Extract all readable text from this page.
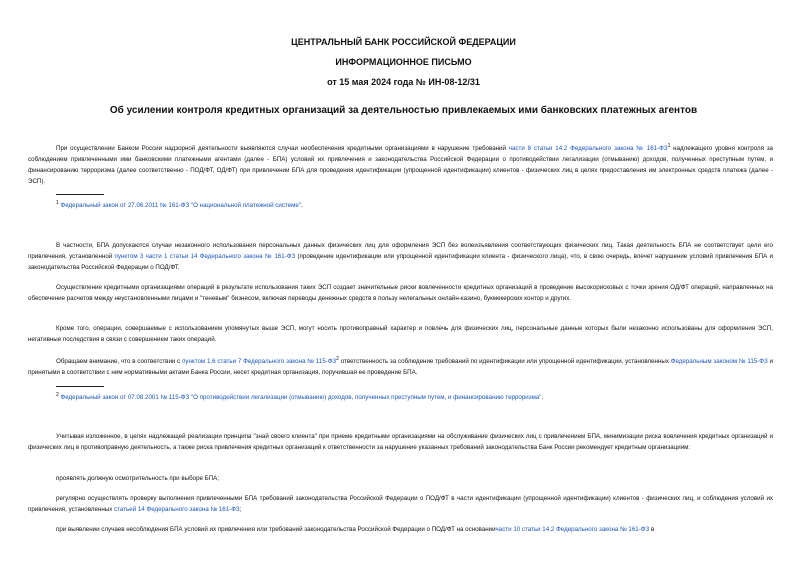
ЦЕНТРАЛЬНЫЙ БАНК РОССИЙСКОЙ ФЕДЕРАЦИИ
ИНФОРМАЦИОННОЕ ПИСЬМО
от 15 мая 2024 года № ИН-08-12/31
Об усилении контроля кредитных организаций за деятельностью привлекаемых ими банковских платежных агентов
При осуществлении Банком России надзорной деятельности выявляются случаи необеспечения кредитными организациями в нарушение требований части 8 статьи 14.2 Федерального закона № $161-ФЗ^1$ надлежащего уровня контроля за соблюдением привлеченными ими банковскими платежными агентами (далее - БПА) условий их привлечения и законодательства Российской Федерации о противодействии легализации (отмыванию) доходов, полученных преступным путем, и финансированию терроризма (далее соответственно - ПОД/ФТ, ОД/ФТ) при привлечении БПА для проведения идентификации (упрощенной идентификации) клиентов - физических лиц в целях предоставления им электронных средств платежа (далее - ЭСП).
$^1$ Федеральный закон от 27.06.2011 № 161-ФЗ "О национальной платежной системе".
В частности, БПА допускаются случаи незаконного использования персональных данных физических лиц для оформления ЭСП без волеизъявления соответствующих физических лиц. Такая деятельность БПА не соответствует цели его привлечения, установленной пунктом 3 части 1 статьи 14 Федерального закона № 161-ФЗ (проведение идентификации или упрощенной идентификации клиента - физического лица), что, в свою очередь, влечет нарушение условий привлечения БПА и законодательства Российской Федерации о ПОД/ФТ.
Осуществление кредитными организациями операций в результате использования таких ЭСП создает значительные риски вовлеченности кредитных организаций в проведение высокорисковых с точки зрения ОД/ФТ операций, направленных на обеспечение расчетов между неустановленными лицами и "теневым" бизнесом, включая переводы денежных средств в пользу нелегальных онлайн-казино, букмекерских контор и других.
Кроме того, операции, совершаемые с использованием упомянутых выше ЭСП, могут носить противоправный характер и повлечь для физических лиц, персональные данные которых были незаконно использованы для оформления ЭСП, негативные последствия в связи с совершением таких операций.
Обращаем внимание, что в соответствии с пунктом 1.6 статьи 7 Федерального закона № $115-ФЗ^2$ ответственность за соблюдение требований по идентификации или упрощенной идентификации, установленных Федеральным законом № 115-ФЗ и принятыми в соответствии с ним нормативными актами Банка России, несет кредитная организация, поручившая ее проведение БПА.
$^2$ Федеральный закон от 07.08.2001 № 115-ФЗ "О противодействии легализации (отмыванию) доходов, полученных преступным путем, и финансированию терроризма".
Учитывая изложенное, в целях надлежащей реализации принципа "знай своего клиента" при приеме кредитными организациями на обслуживание физических лиц с привлечением БПА, минимизации риска вовлечения кредитных организаций и физических лиц в противоправную деятельность, а также риска привлечения кредитных организаций к ответственности за нарушение указанных требований законодательства Банк России рекомендует кредитным организациям:
проявлять должную осмотрительность при выборе БПА;
регулярно осуществлять проверку выполнения привлеченными БПА требований законодательства Российской Федерации о ПОД/ФТ в части идентификации (упрощенной идентификации) клиентов - физических лиц, и соблюдения условий их привлечения, установленных статьей 14 Федерального закона № 161-ФЗ;
при выявлении случаев несоблюдения БПА условий их привлечения или требований законодательства Российской Федерации о ПОД/ФТ на основаниичасти 10 статьи 14.2 Федерального закона № 161-ФЗ в
